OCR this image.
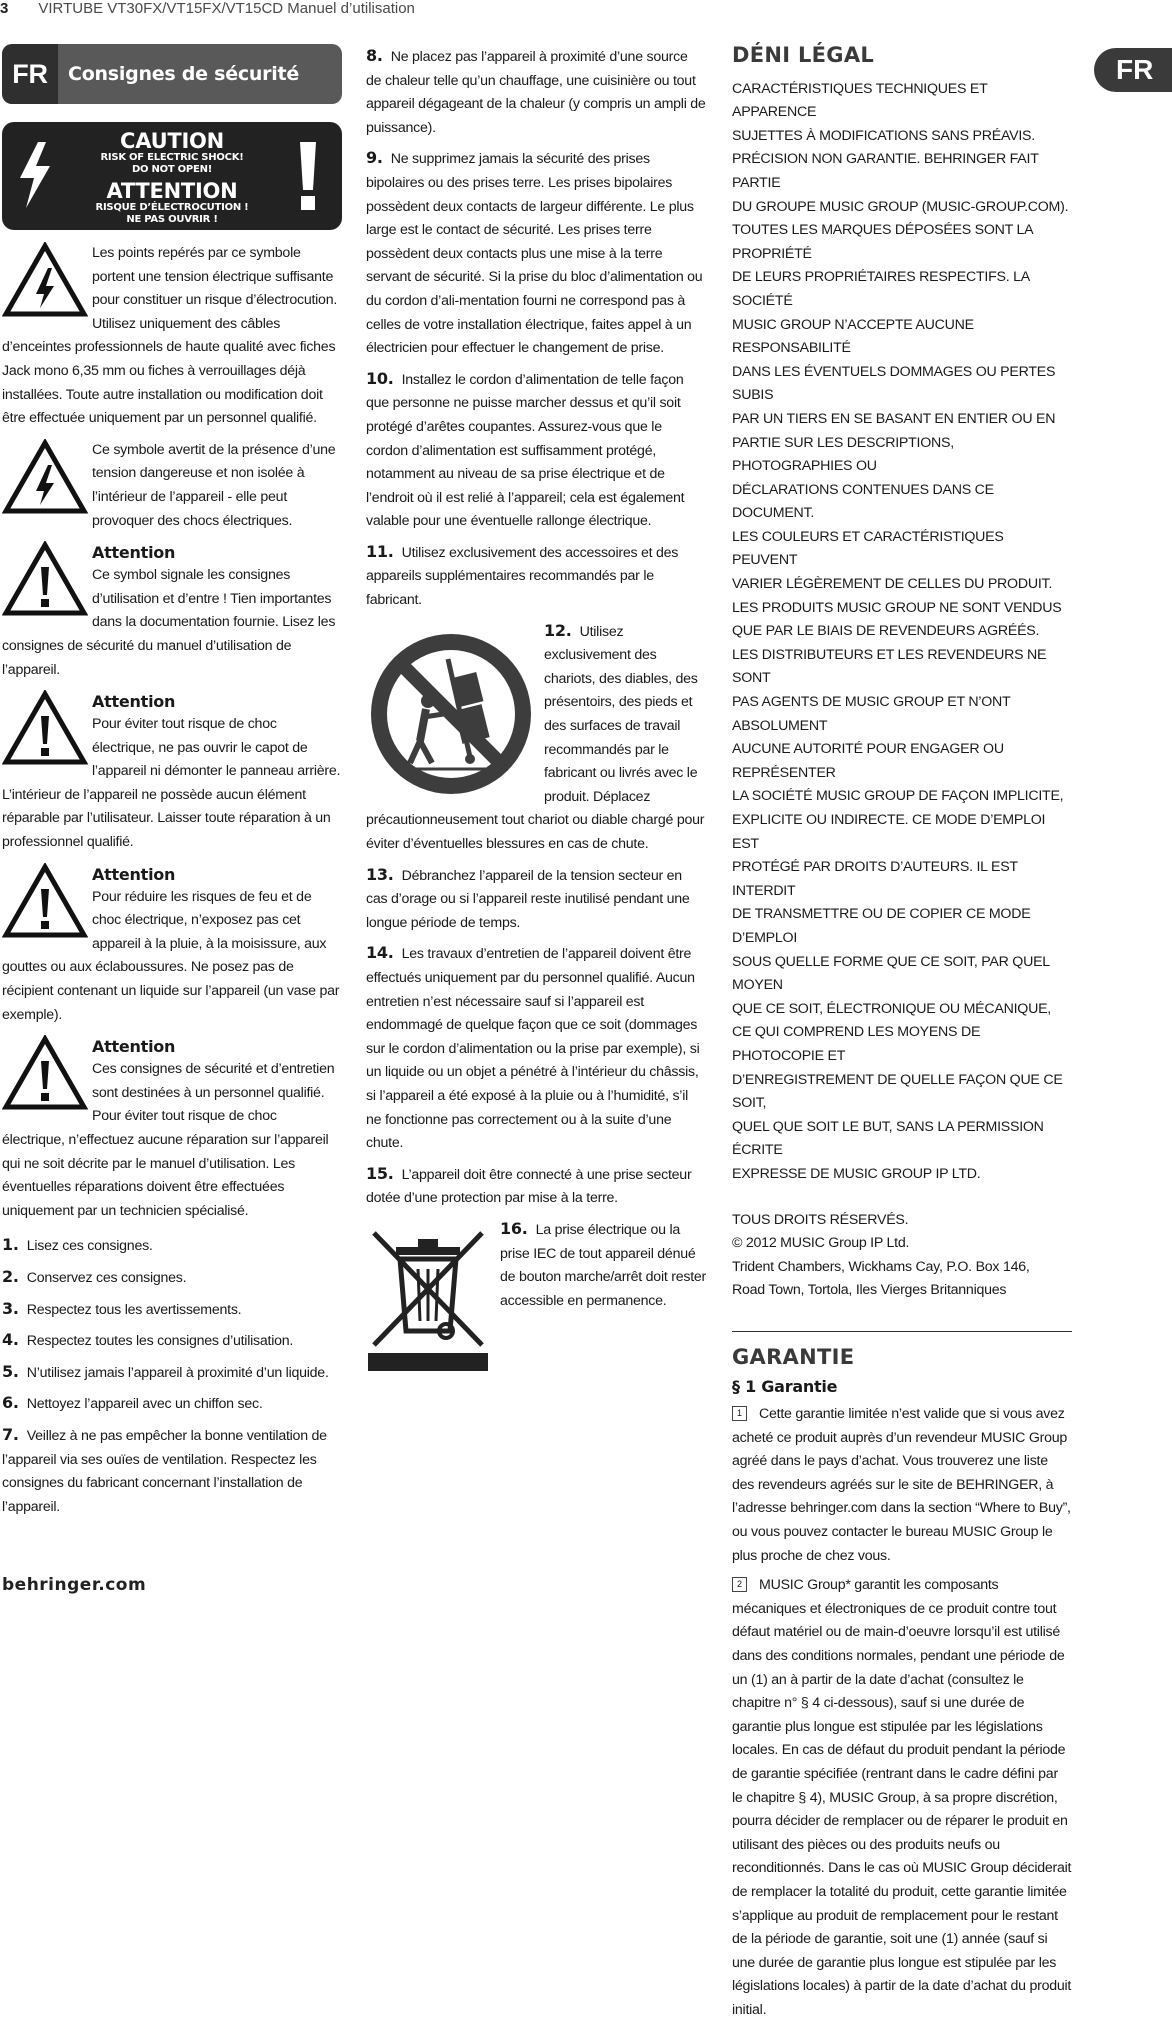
3 VIRTUBE VT30FX/VT15FX/VT15CD Manuel d’utilisation
FR
FR	Consignes de sécurité
CAUTION
RISK OF ELECTRIC SHOCK!
DO NOT OPEN!
ATTENTION
RISQUE D’ÉLECTROCUTION !
NE PAS OUVRIR !

Les points repérés par ce symbole portent une tension électrique suffisante pour constituer un risque d’électrocution. Utilisez uniquement des câbles d’enceintes professionnels de haute qualité avec fiches Jack mono 6,35 mm ou fiches à verrouillages déjà installées. Toute autre installation ou modification doit être effectuée uniquement par un personnel qualifié.

Ce symbole avertit de la présence d’une tension dangereuse et non isolée à l’intérieur de l’appareil - elle peut provoquer des chocs électriques.

Attention

Ce symbol signale les consignes d’utilisation et d’entre ! Tien importantes dans la documentation fournie. Lisez les consignes de sécurité du manuel d’utilisation de l’appareil.

Attention

Pour éviter tout risque de choc électrique, ne pas ouvrir le capot de l’appareil ni démonter le panneau arrière. L’intérieur de l’appareil ne possède aucun élément réparable par l’utilisateur. Laisser toute réparation à un professionnel qualifié.

Attention

Pour réduire les risques de feu et de choc électrique, n’exposez pas cet appareil à la pluie, à la moisissure, aux gouttes ou aux éclaboussures. Ne posez pas de récipient contenant un liquide sur l’appareil (un vase par exemple).

Attention

Ces consignes de sécurité et d’entretien sont destinées à un personnel qualifié. Pour éviter tout risque de choc électrique, n’effectuez aucune réparation sur l’appareil qui ne soit décrite par le manuel d’utilisation. Les éventuelles réparations doivent être effectuées uniquement par un technicien spécialisé.

1. Lisez ces consignes.

2. Conservez ces consignes.

3. Respectez tous les avertissements.

4. Respectez toutes les consignes d’utilisation.

5. N’utilisez jamais l’appareil à proximité d’un liquide.

6. Nettoyez l’appareil avec un chiffon sec.

7. Veillez à ne pas empêcher la bonne ventilation de l’appareil via ses ouïes de ventilation. Respectez les consignes du fabricant concernant l’installation de l’appareil.

8. Ne placez pas l’appareil à proximité d’une source de chaleur telle qu’un chauffage, une cuisinière ou tout appareil dégageant de la chaleur (y compris un ampli de puissance).

9. Ne supprimez jamais la sécurité des prises bipolaires ou des prises terre. Les prises bipolaires possèdent deux contacts de largeur différente. Le plus large est le contact de sécurité. Les prises terre possèdent deux contacts plus une mise à la terre servant de sécurité. Si la prise du bloc d’alimentation ou du cordon d’ali-mentation fourni ne correspond pas à celles de votre installation électrique, faites appel à un électricien pour effectuer le changement de prise.

10. Installez le cordon d’alimentation de telle façon que personne ne puisse marcher dessus et qu’il soit protégé d’arêtes coupantes. Assurez-vous que le cordon d’alimentation est suffisamment protégé, notamment au niveau de sa prise électrique et de l’endroit où il est relié à l’appareil; cela est également valable pour une éventuelle rallonge électrique.

11. Utilisez exclusivement des accessoires et des appareils supplémentaires recommandés par le fabricant.

12. Utilisez exclusivement des chariots, des diables, des présentoirs, des pieds et des surfaces de travail recommandés par le fabricant ou livrés avec le produit. Déplacez précautionneusement tout chariot ou diable chargé pour éviter d’éventuelles blessures en cas de chute.

13. Débranchez l’appareil de la tension secteur en cas d’orage ou si l’appareil reste inutilisé pendant une longue période de temps.

14. Les travaux d’entretien de l’appareil doivent être effectués uniquement par du personnel qualifié. Aucun entretien n’est nécessaire sauf si l’appareil est endommagé de quelque façon que ce soit (dommages sur le cordon d’alimentation ou la prise par exemple), si un liquide ou un objet a pénétré à l’intérieur du châssis, si l’appareil a été exposé à la pluie ou à l’humidité, s’il ne fonctionne pas correctement ou à la suite d’une chute.

15. L’appareil doit être connecté à une prise secteur dotée d’une protection par mise à la terre.

16. La prise électrique ou la prise IEC de tout appareil dénué de bouton marche/arrêt doit rester accessible en permanence.
DÉNI LÉGAL

CARACTÉRISTIQUES TECHNIQUES ET APPARENCE

SUJETTES À MODIFICATIONS SANS PRÉAVIS.

PRÉCISION NON GARANTIE. BEHRINGER FAIT PARTIE

DU GROUPE MUSIC GROUP (MUSIC-GROUP.COM).

TOUTES LES MARQUES DÉPOSÉES SONT LA PROPRIÉTÉ

DE LEURS PROPRIÉTAIRES RESPECTIFS. LA SOCIÉTÉ

MUSIC GROUP N’ACCEPTE AUCUNE RESPONSABILITÉ

DANS LES ÉVENTUELS DOMMAGES OU PERTES SUBIS

PAR UN TIERS EN SE BASANT EN ENTIER OU EN

PARTIE SUR LES DESCRIPTIONS, PHOTOGRAPHIES OU

DÉCLARATIONS CONTENUES DANS CE DOCUMENT.

LES COULEURS ET CARACTÉRISTIQUES PEUVENT

VARIER LÉGÈREMENT DE CELLES DU PRODUIT.

LES PRODUITS MUSIC GROUP NE SONT VENDUS

QUE PAR LE BIAIS DE REVENDEURS AGRÉÉS.

LES DISTRIBUTEURS ET LES REVENDEURS NE SONT

PAS AGENTS DE MUSIC GROUP ET N’ONT ABSOLUMENT

AUCUNE AUTORITÉ POUR ENGAGER OU REPRÉSENTER

LA SOCIÉTÉ MUSIC GROUP DE FAÇON IMPLICITE,

EXPLICITE OU INDIRECTE. CE MODE D’EMPLOI EST

PROTÉGÉ PAR DROITS D’AUTEURS. IL EST INTERDIT

DE TRANSMETTRE OU DE COPIER CE MODE D’EMPLOI

SOUS QUELLE FORME QUE CE SOIT, PAR QUEL MOYEN

QUE CE SOIT, ÉLECTRONIQUE OU MÉCANIQUE,

CE QUI COMPREND LES MOYENS DE PHOTOCOPIE ET

D’ENREGISTREMENT DE QUELLE FAÇON QUE CE SOIT,

QUEL QUE SOIT LE BUT, SANS LA PERMISSION ÉCRITE

EXPRESSE DE MUSIC GROUP IP LTD.

TOUS DROITS RÉSERVÉS.

© 2012 MUSIC Group IP Ltd.

Trident Chambers, Wickhams Cay, P.O. Box 146,

Road Town, Tortola, Iles Vierges Britanniques

GARANTIE
§ 1 Garantie

1 Cette garantie limitée n’est valide que si vous avez acheté ce produit auprès d’un revendeur MUSIC Group agréé dans le pays d’achat. Vous trouverez une liste des revendeurs agréés sur le site de BEHRINGER, à l’adresse behringer.com dans la section “Where to Buy”, ou vous pouvez contacter le bureau MUSIC Group le plus proche de chez vous.

2 MUSIC Group* garantit les composants mécaniques et électroniques de ce produit contre tout défaut matériel ou de main-d’oeuvre lorsqu’il est utilisé dans des conditions normales, pendant une période de un (1) an à partir de la date d’achat (consultez le chapitre n° § 4 ci-dessous), sauf si une durée de garantie plus longue est stipulée par les législations locales. En cas de défaut du produit pendant la période de garantie spécifiée (rentrant dans le cadre défini par le chapitre § 4), MUSIC Group, à sa propre discrétion, pourra décider de remplacer ou de réparer le produit en utilisant des pièces ou des produits neufs ou reconditionnés. Dans le cas où MUSIC Group déciderait de remplacer la totalité du produit, cette garantie limitée s’applique au produit de remplacement pour le restant de la période de garantie, soit une (1) année (sauf si une durée de garantie plus longue est stipulée par les législations locales) à partir de la date d’achat du produit initial.

behringer.com
